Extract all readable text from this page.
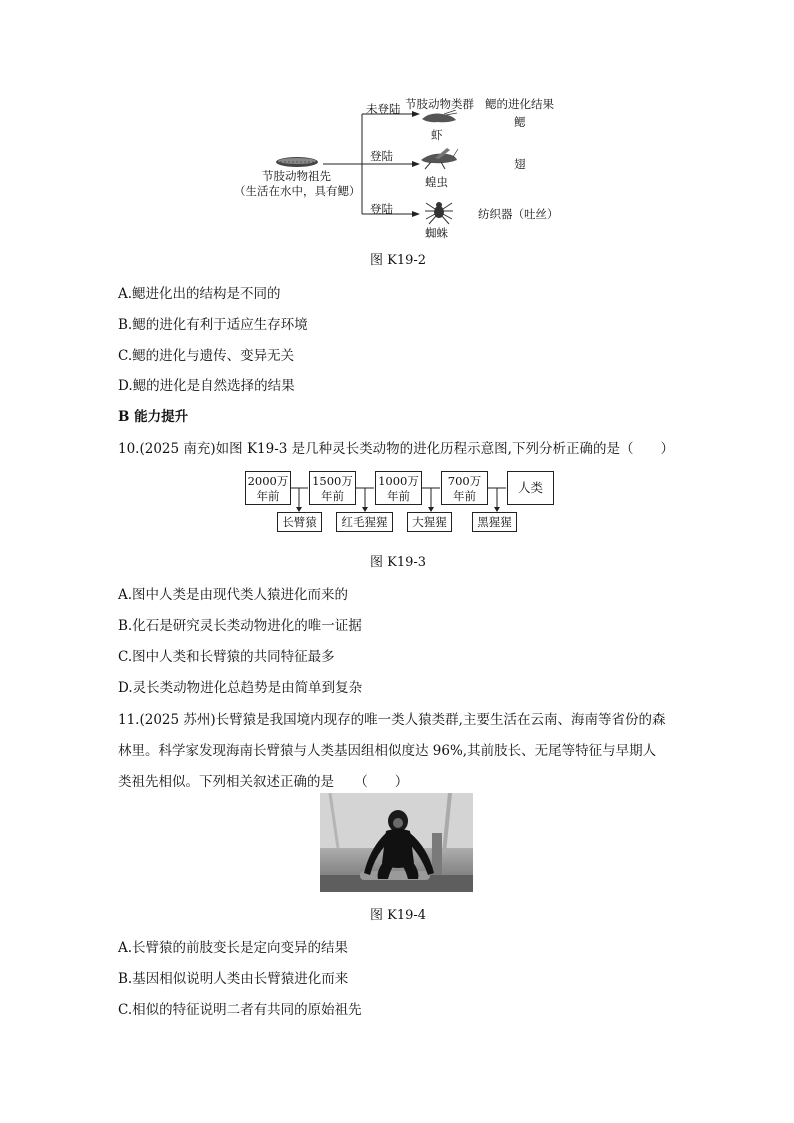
节肢动物祖先
（生活在水中，具有鳃）
未登陆
登陆
登陆
节肢动物类群 鳃的进化结果
虾
鳃
蝗虫
翅
蜘蛛
纺织器（吐丝）
图 K19-2
A.鳃进化出的结构是不同的
B.鳃的进化有利于适应生存环境
C.鳃的进化与遗传、变异无关
D.鳃的进化是自然选择的结果
B 能力提升
10.(2025 南充)如图 K19-3 是几种灵长类动物的进化历程示意图,下列分析正确的是（　　）
2000万
年前
1500万
年前
1000万
年前
700万
年前
人类
长臂猿	红毛猩猩	大猩猩	黑猩猩
图 K19-3
A.图中人类是由现代类人猿进化而来的
B.化石是研究灵长类动物进化的唯一证据
C.图中人类和长臂猿的共同特征最多
D.灵长类动物进化总趋势是由简单到复杂
11.(2025 苏州)长臂猿是我国境内现存的唯一类人猿类群,主要生活在云南、海南等省份的森
林里。科学家发现海南长臂猿与人类基因组相似度达 96%,其前肢长、无尾等特征与早期人
类祖先相似。下列相关叙述正确的是　　（　　）
图 K19-4
A.长臂猿的前肢变长是定向变异的结果
B.基因相似说明人类由长臂猿进化而来
C.相似的特征说明二者有共同的原始祖先
